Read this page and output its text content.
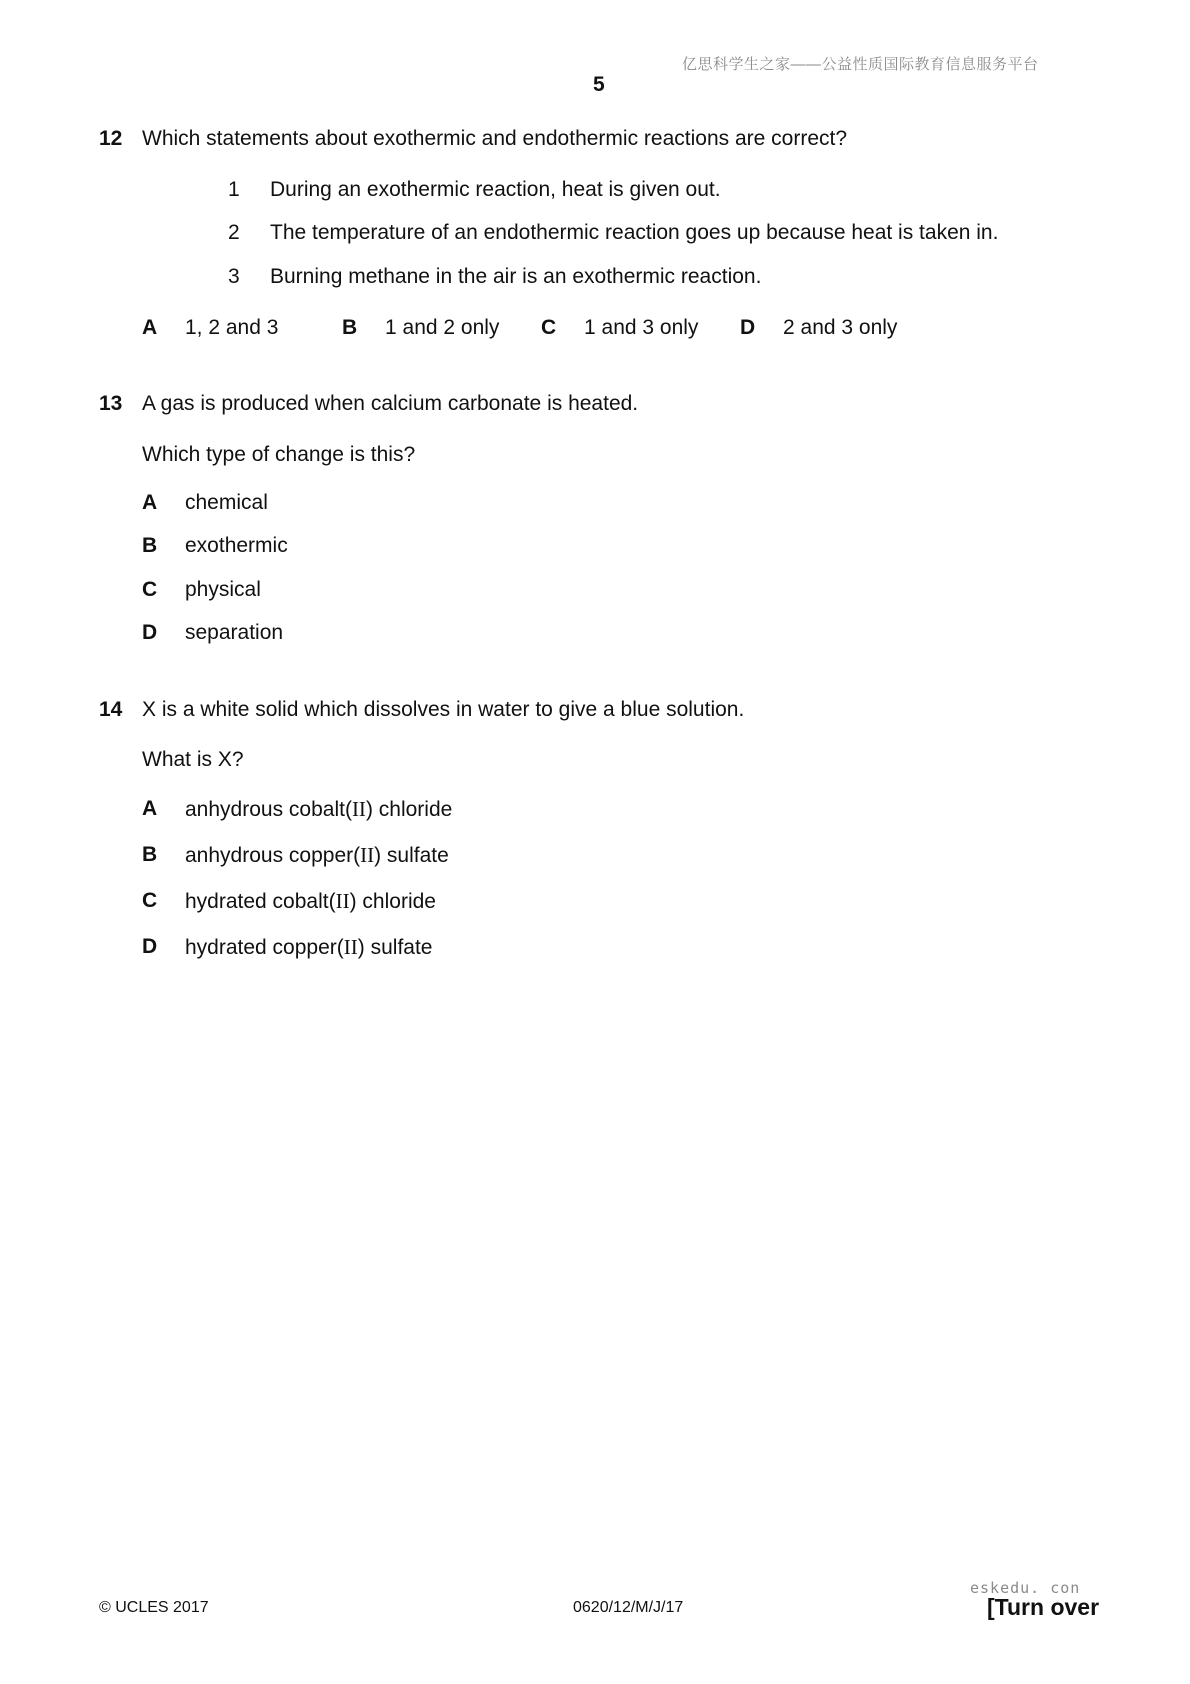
亿思科学生之家——公益性质国际教育信息服务平台
5
12 Which statements about exothermic and endothermic reactions are correct?
1 During an exothermic reaction, heat is given out.
2 The temperature of an endothermic reaction goes up because heat is taken in.
3 Burning methane in the air is an exothermic reaction.
A 1, 2 and 3	B 1 and 2 only C 1 and 3 only D 2 and 3 only
13 A gas is produced when calcium carbonate is heated.
Which type of change is this?
A chemical
B exothermic
C physical
D separation
14 X is a white solid which dissolves in water to give a blue solution.
What is X?
A anhydrous cobalt(II) chloride
B anhydrous copper(II) sulfate
C hydrated cobalt(II) chloride
D hydrated copper(II) sulfate
© UCLES 2017	0620/12/M/J/17
eskedu. con
[Turn over
